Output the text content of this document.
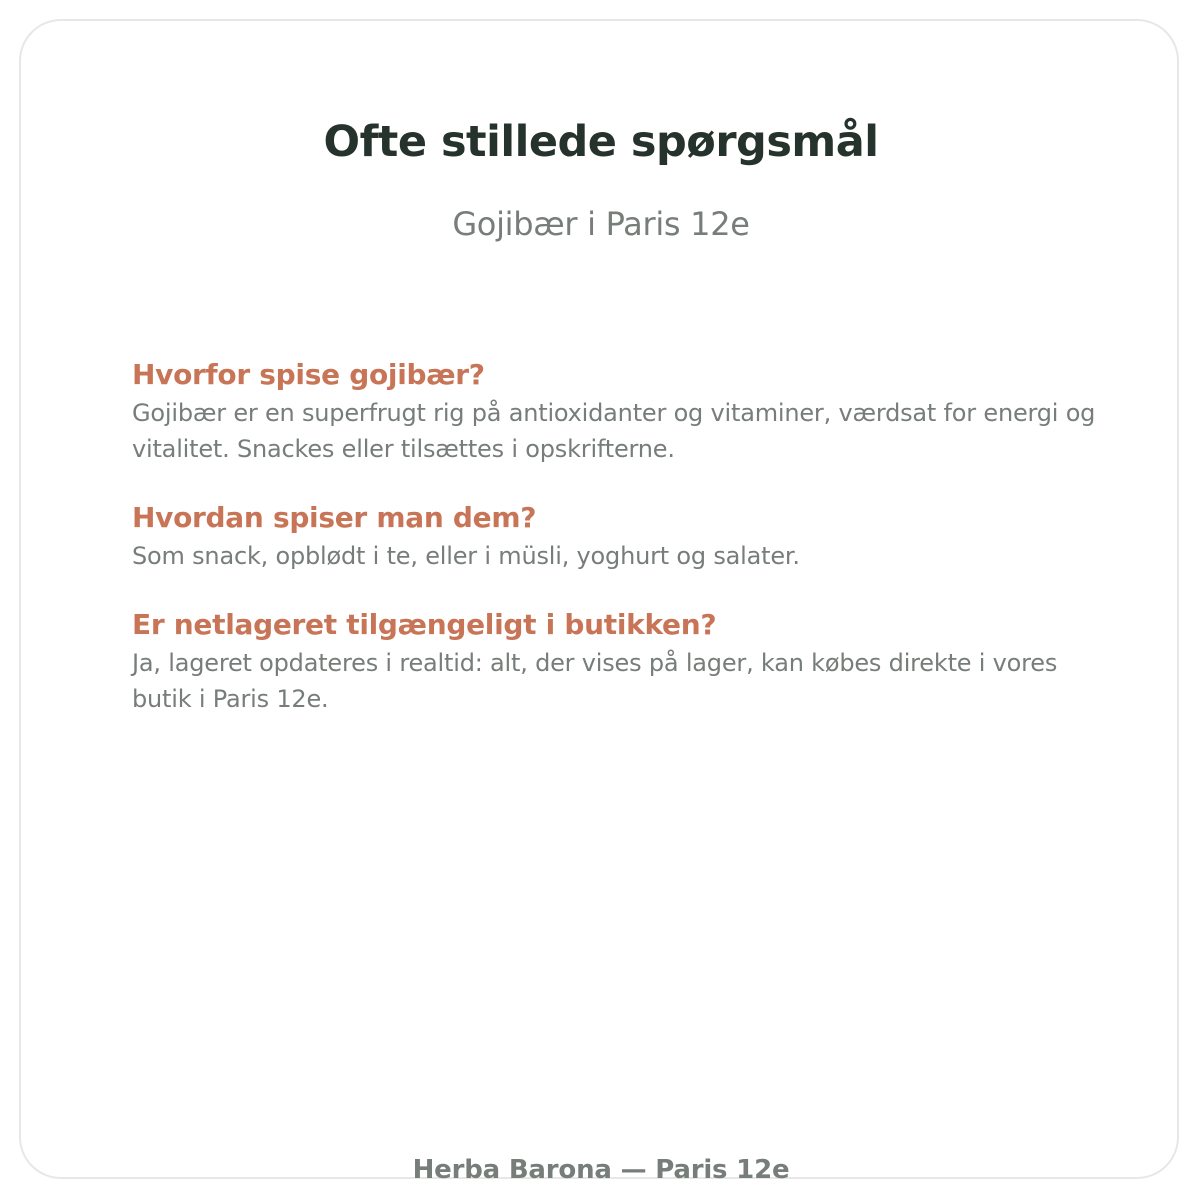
Ofte stillede spørgsmål

Gojibær i Paris 12e

Hvorfor spise gojibær?

Gojibær er en superfrugt rig på antioxidanter og vitaminer, værdsat for energi og vitalitet. Snackes eller tilsættes i opskrifterne.

Hvordan spiser man dem?

Som snack, opblødt i te, eller i müsli, yoghurt og salater.

Er netlageret tilgængeligt i butikken?

Ja, lageret opdateres i realtid: alt, der vises på lager, kan købes direkte i vores butik i Paris 12e.

Herba Barona — Paris 12e
